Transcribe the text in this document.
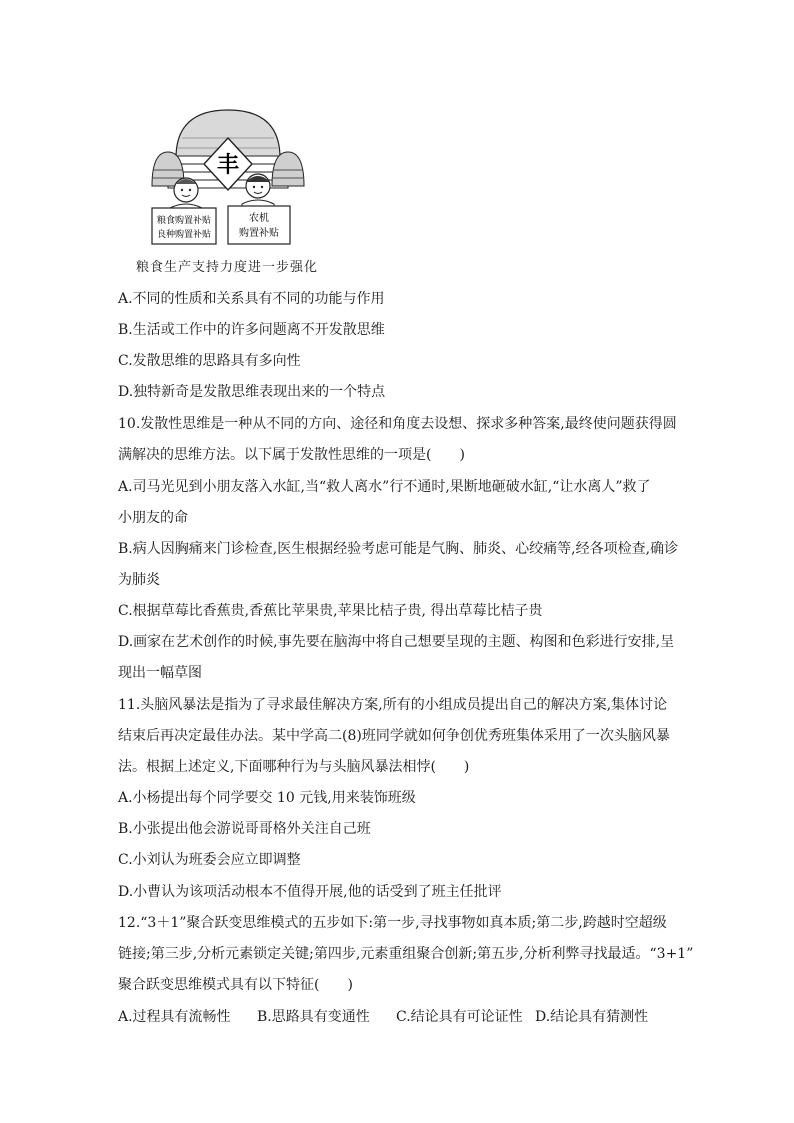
丰
粮食购置补贴
良种购置补贴
农机
购置补贴
粮食生产支持力度进一步强化
A.不同的性质和关系具有不同的功能与作用
B.生活或工作中的许多问题离不开发散思维
C.发散思维的思路具有多向性
D.独特新奇是发散思维表现出来的一个特点
10.发散性思维是一种从不同的方向、途径和角度去设想、探求多种答案,最终使问题获得圆
满解决的思维方法。以下属于发散性思维的一项是(　　)
A.司马光见到小朋友落入水缸,当“救人离水”行不通时,果断地砸破水缸,“让水离人”救了
小朋友的命
B.病人因胸痛来门诊检查,医生根据经验考虑可能是气胸、肺炎、心绞痛等,经各项检查,确诊
为肺炎
C.根据草莓比香蕉贵,香蕉比苹果贵,苹果比桔子贵, 得出草莓比桔子贵
D.画家在艺术创作的时候,事先要在脑海中将自己想要呈现的主题、构图和色彩进行安排,呈
现出一幅草图
11.头脑风暴法是指为了寻求最佳解决方案,所有的小组成员提出自己的解决方案,集体讨论
结束后再决定最佳办法。某中学高二(8)班同学就如何争创优秀班集体采用了一次头脑风暴
法。根据上述定义,下面哪种行为与头脑风暴法相悖(　　)
A.小杨提出每个同学要交 10 元钱,用来装饰班级
B.小张提出他会游说哥哥格外关注自己班
C.小刘认为班委会应立即调整
D.小曹认为该项活动根本不值得开展,他的话受到了班主任批评
12.“3＋1”聚合跃变思维模式的五步如下:第一步,寻找事物如真本质;第二步,跨越时空超级
链接;第三步,分析元素锁定关键;第四步,元素重组聚合创新;第五步,分析利弊寻找最适。“3+1”
聚合跃变思维模式具有以下特征(　　)
A.过程具有流畅性 B.思路具有变通性 C.结论具有可论证性 D.结论具有猜测性
